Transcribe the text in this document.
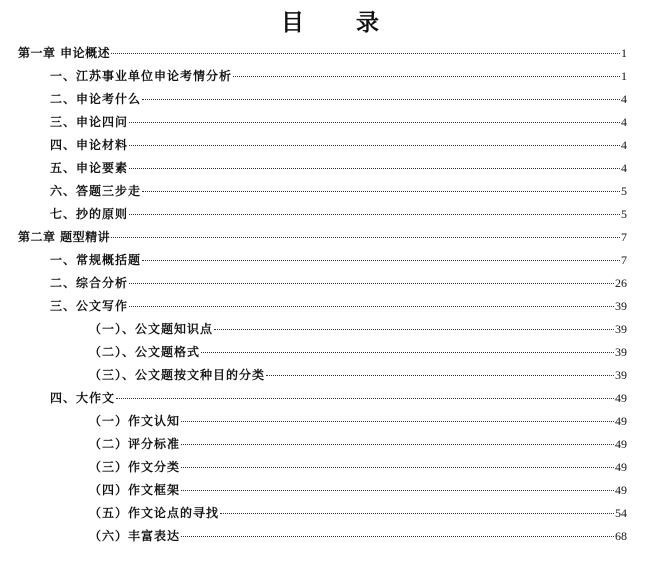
目 录
第一章 申论概述	1
一、江苏事业单位申论考情分析	1
二、申论考什么	4
三、申论四问	4
四、申论材料	4
五、申论要素	4
六、答题三步走	5
七、抄的原则	5
第二章 题型精讲	7
一、常规概括题	7
二、综合分析	26
三、公文写作	39
（一）、公文题知识点	39
（二）、公文题格式	39
（三）、公文题按文种目的分类	39
四、大作文	49
（一）作文认知	49
（二）评分标准	49
（三）作文分类	49
（四）作文框架	49
（五）作文论点的寻找	54
（六）丰富表达	68
